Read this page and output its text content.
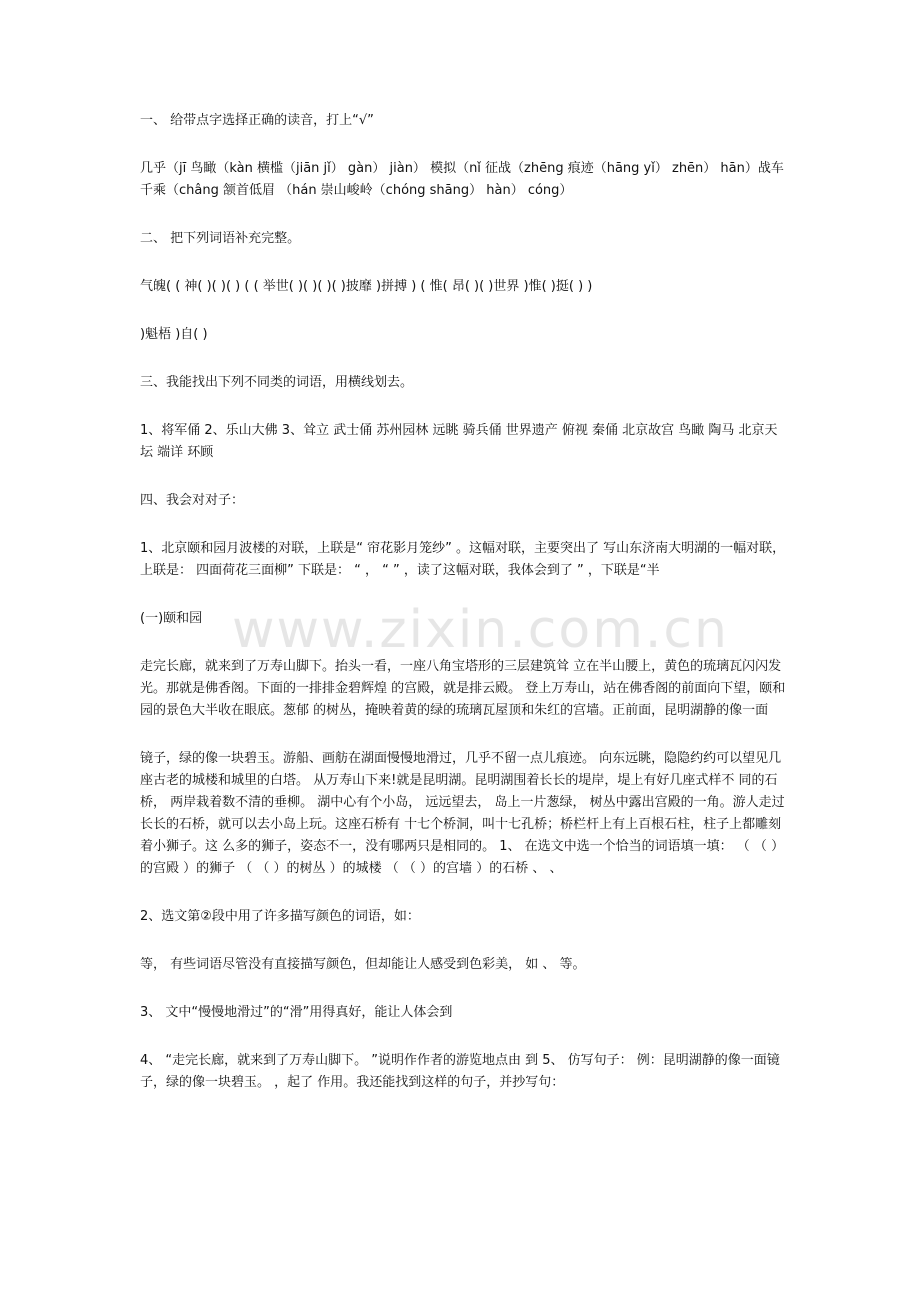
www.zixin.com.cn

一、 给带点字选择正确的读音，打上“√”

几乎（jī 鸟瞰（kàn 横槛（jiān jǐ） gàn） jiàn） 模拟（nǐ 征战（zhēng 痕迹（hāng yǐ） zhēn） hān）战车千乘（châng 颔首低眉 （hán 崇山峻岭（chóng shāng） hàn） cóng）

二、 把下列词语补充完整。

气魄( ( 神( )( )( ) ( ( 举世( )( )( )( )披靡 )拼搏 ) ( 惟( 昂( )( )世界 )惟( )挺( ) )

)魁梧 )自( )

三、我能找出下列不同类的词语，用横线划去。

1、将军俑 2、乐山大佛 3、耸立 武士俑 苏州园林 远眺 骑兵俑 世界遗产 俯视 秦俑 北京故宫 鸟瞰 陶马 北京天坛 端详 环顾

四、我会对对子：

1、北京颐和园月波楼的对联，上联是“ 帘花影月笼纱” 。这幅对联，主要突出了 写山东济南大明湖的一幅对联，上联是： 四面荷花三面柳” 下联是： “ ， “ ” ，读了这幅对联，我体会到了 ” ，下联是“半

(一)颐和园

走完长廊，就来到了万寿山脚下。抬头一看，一座八角宝塔形的三层建筑耸 立在半山腰上，黄色的琉璃瓦闪闪发光。那就是佛香阁。下面的一排排金碧辉煌 的宫殿，就是排云殿。 登上万寿山，站在佛香阁的前面向下望，颐和园的景色大半收在眼底。葱郁 的树丛，掩映着黄的绿的琉璃瓦屋顶和朱红的宫墙。正前面，昆明湖静的像一面

镜子，绿的像一块碧玉。游船、画舫在湖面慢慢地滑过，几乎不留一点儿痕迹。 向东远眺，隐隐约约可以望见几座古老的城楼和城里的白塔。 从万寿山下来!就是昆明湖。昆明湖围着长长的堤岸，堤上有好几座式样不 同的石桥， 两岸栽着数不清的垂柳。 湖中心有个小岛， 远远望去， 岛上一片葱绿， 树丛中露出宫殿的一角。游人走过长长的石桥，就可以去小岛上玩。这座石桥有 十七个桥洞，叫十七孔桥；桥栏杆上有上百根石柱，柱子上都雕刻着小狮子。这 么多的狮子，姿态不一，没有哪两只是相同的。 1、 在选文中选一个恰当的词语填一填： （ （ ）的宫殿 ）的狮子 （ （ ）的树丛 ）的城楼 （ （ ）的宫墙 ）的石桥 、 、

2、选文第②段中用了许多描写颜色的词语，如：

等， 有些词语尽管没有直接描写颜色，但却能让人感受到色彩美， 如 、 等。

3、 文中“慢慢地滑过”的“滑”用得真好，能让人体会到

4、 “走完长廊，就来到了万寿山脚下。 ”说明作作者的游览地点由 到 5、 仿写句子： 例：昆明湖静的像一面镜子，绿的像一块碧玉。 ，起了 作用。我还能找到这样的句子，并抄写句：
